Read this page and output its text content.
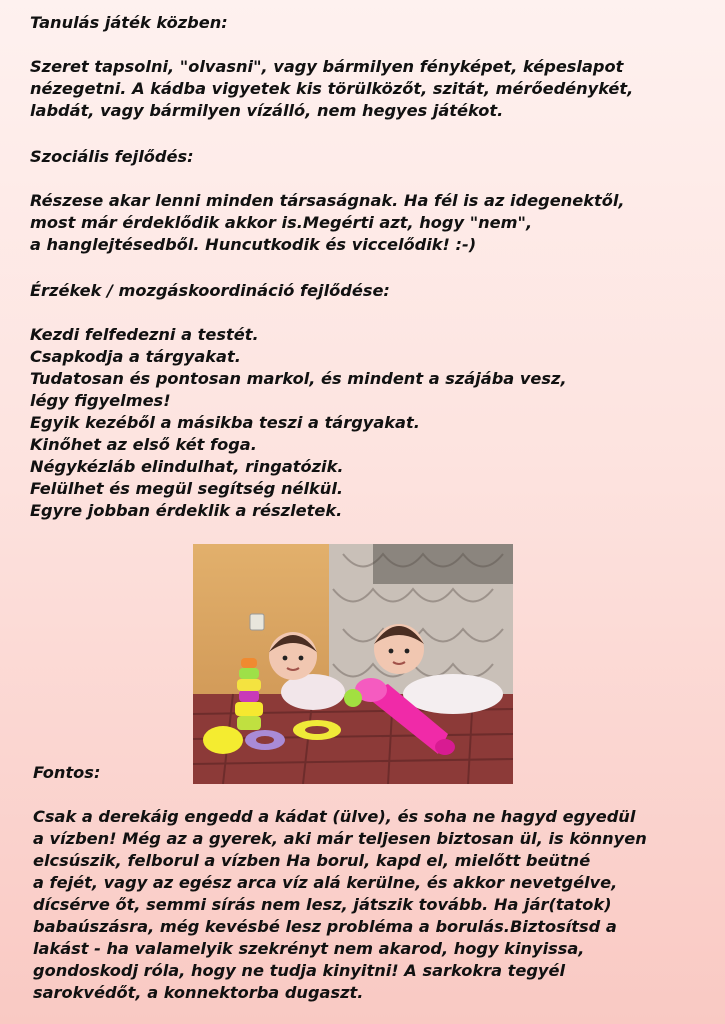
Tanulás játék közben:

Szeret tapsolni, "olvasni", vagy bármilyen fényképet, képeslapot
nézegetni. A kádba vigyetek kis törülközőt, szitát, mérőedénykét,
labdát, vagy bármilyen vízálló, nem hegyes játékot.
Szociális fejlődés:

Részese akar lenni minden társaságnak. Ha fél is az idegenektől,
most már érdeklődik akkor is.Megérti azt, hogy "nem",
a hanglejtésedből. Huncutkodik és viccelődik! :-)
Érzékek / mozgáskoordináció fejlődése:

Kezdi felfedezni a testét.
Csapkodja a tárgyakat.
Tudatosan és pontosan markol, és mindent a szájába vesz,
légy figyelmes!
Egyik kezéből a másikba teszi a tárgyakat.
Kinőhet az első két foga.
Négykézláb elindulhat, ringatózik.
Felülhet és megül segítség nélkül.
Egyre jobban érdeklik a részletek.
Fontos:

Csak a derekáig engedd a kádat (ülve), és soha ne hagyd egyedül
a vízben! Még az a gyerek, aki már teljesen biztosan ül, is könnyen
elcsúszik, felborul a vízben Ha borul, kapd el, mielőtt beütné
a fejét, vagy az egész arca víz alá kerülne, és akkor nevetgélve,
dícsérve őt, semmi sírás nem lesz, játszik tovább. Ha jár(tatok)
babaúszásra, még kevésbé lesz probléma a borulás.Biztosítsd a
lakást - ha valamelyik szekrényt nem akarod, hogy kinyissa,
gondoskodj róla, hogy ne tudja kinyitni! A sarkokra tegyél
sarokvédőt, a konnektorba dugaszt.
